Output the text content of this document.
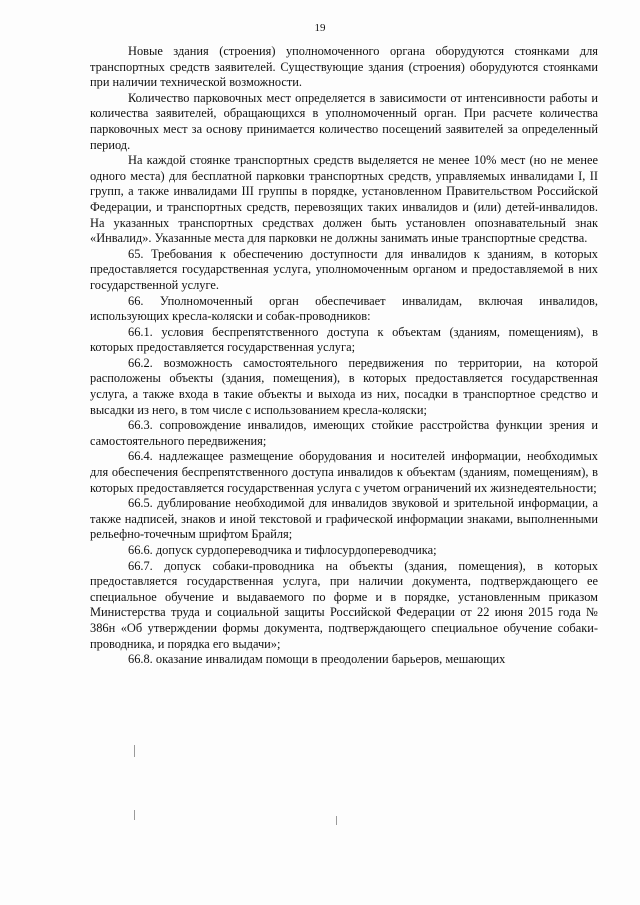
19

Новые здания (строения) уполномоченного органа оборудуются стоянками для транспортных средств заявителей. Существующие здания (строения) оборудуются стоянками при наличии технической возможности.

Количество парковочных мест определяется в зависимости от интенсивности работы и количества заявителей, обращающихся в уполномоченный орган. При расчете количества парковочных мест за основу принимается количество посещений заявителей за определенный период.

На каждой стоянке транспортных средств выделяется не менее 10% мест (но не менее одного места) для бесплатной парковки транспортных средств, управляемых инвалидами I, II групп, а также инвалидами III группы в порядке, установленном Правительством Российской Федерации, и транспортных средств, перевозящих таких инвалидов и (или) детей-инвалидов. На указанных транспортных средствах должен быть установлен опознавательный знак «Инвалид». Указанные места для парковки не должны занимать иные транспортные средства.

65. Требования к обеспечению доступности для инвалидов к зданиям, в которых предоставляется государственная услуга, уполномоченным органом и предоставляемой в них государственной услуге.

66. Уполномоченный орган обеспечивает инвалидам, включая инвалидов, использующих кресла-коляски и собак-проводников:

66.1. условия беспрепятственного доступа к объектам (зданиям, помещениям), в которых предоставляется государственная услуга;

66.2. возможность самостоятельного передвижения по территории, на которой расположены объекты (здания, помещения), в которых предоставляется государственная услуга, а также входа в такие объекты и выхода из них, посадки в транспортное средство и высадки из него, в том числе с использованием кресла-коляски;

66.3. сопровождение инвалидов, имеющих стойкие расстройства функции зрения и самостоятельного передвижения;

66.4. надлежащее размещение оборудования и носителей информации, необходимых для обеспечения беспрепятственного доступа инвалидов к объектам (зданиям, помещениям), в которых предоставляется государственная услуга с учетом ограничений их жизнедеятельности;

66.5. дублирование необходимой для инвалидов звуковой и зрительной информации, а также надписей, знаков и иной текстовой и графической информации знаками, выполненными рельефно-точечным шрифтом Брайля;

66.6. допуск сурдопереводчика и тифлосурдопереводчика;

66.7. допуск собаки-проводника на объекты (здания, помещения), в которых предоставляется государственная услуга, при наличии документа, подтверждающего ее специальное обучение и выдаваемого по форме и в порядке, установленным приказом Министерства труда и социальной защиты Российской Федерации от 22 июня 2015 года № 386н «Об утверждении формы документа, подтверждающего специальное обучение собаки-проводника, и порядка его выдачи»;

66.8. оказание инвалидам помощи в преодолении барьеров, мешающих
